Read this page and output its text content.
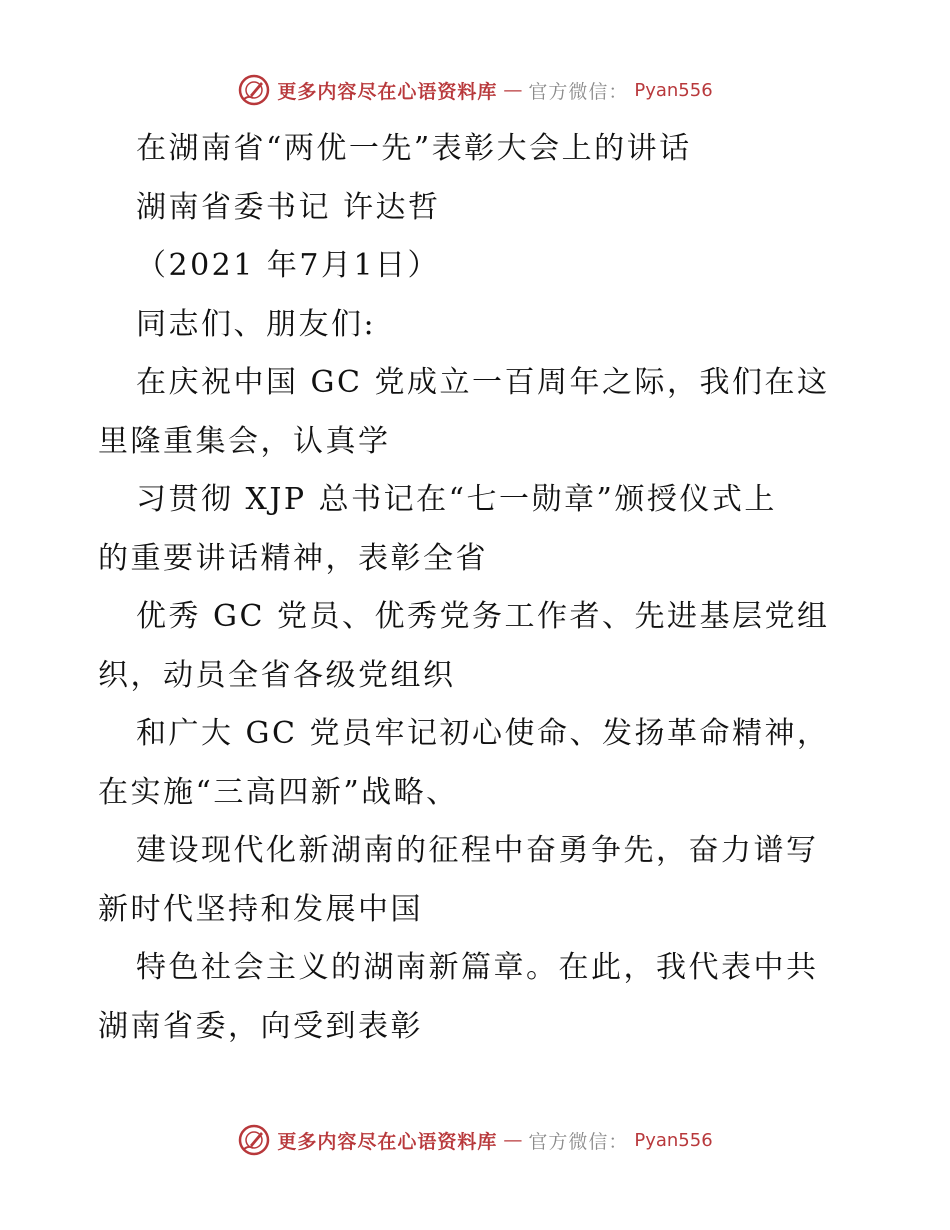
更多内容尽在心语资料库 — 官方微信： Pyan556
在湖南省“两优一先”表彰大会上的讲话
湖南省委书记 许达哲
（2021 年7月1日）
同志们、朋友们:
在庆祝中国 GC 党成立一百周年之际，我们在这
里隆重集会，认真学
习贯彻 XJP 总书记在“七一勋章”颁授仪式上
的重要讲话精神，表彰全省
优秀 GC 党员、优秀党务工作者、先进基层党组
织，动员全省各级党组织
和广大 GC 党员牢记初心使命、发扬革命精神，
在实施“三高四新”战略、
建设现代化新湖南的征程中奋勇争先，奋力谱写
新时代坚持和发展中国
特色社会主义的湖南新篇章。在此，我代表中共
湖南省委，向受到表彰
更多内容尽在心语资料库 — 官方微信： Pyan556
